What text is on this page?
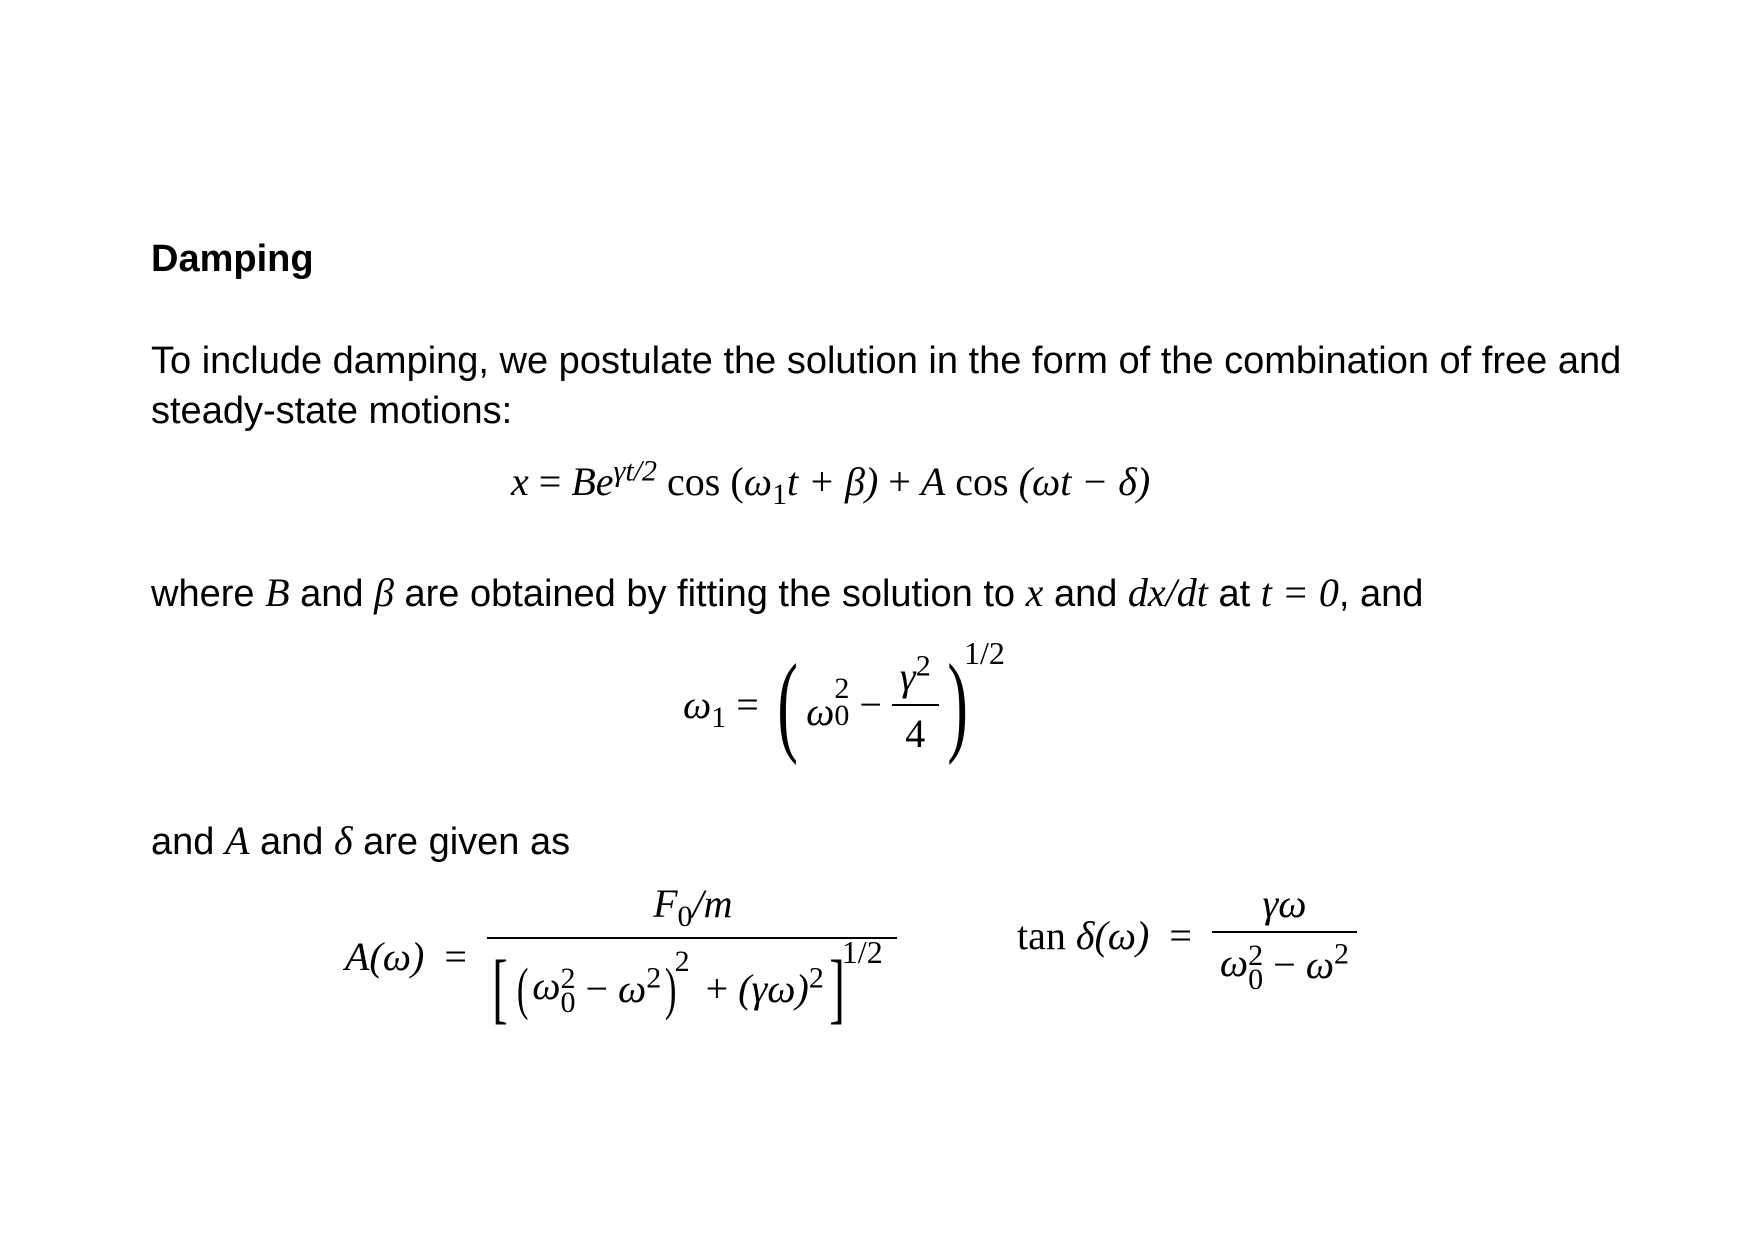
Damping

To include damping, we postulate the solution in the form of the combination of free and steady-state motions:

$x = Be^{\gamma t/2}$ $\cos (\omega_1t + \beta) + A$ cos (ωt − δ)

where B and β are obtained by fitting the solution to x and dx/dt at t = 0, and

$\omega_1$ = ( ω
2
$0 - \frac{\gamma^2}{4} )^{1/2}$

and A and δ are given as

$A(\omega) = F_0/m$
[ (ω 2
$0 - \omega^2)^2 + (\gamma\omega)^2]^{1/2}$	tan δ(ω) = γω
ω 2
$0 - \omega^2$
